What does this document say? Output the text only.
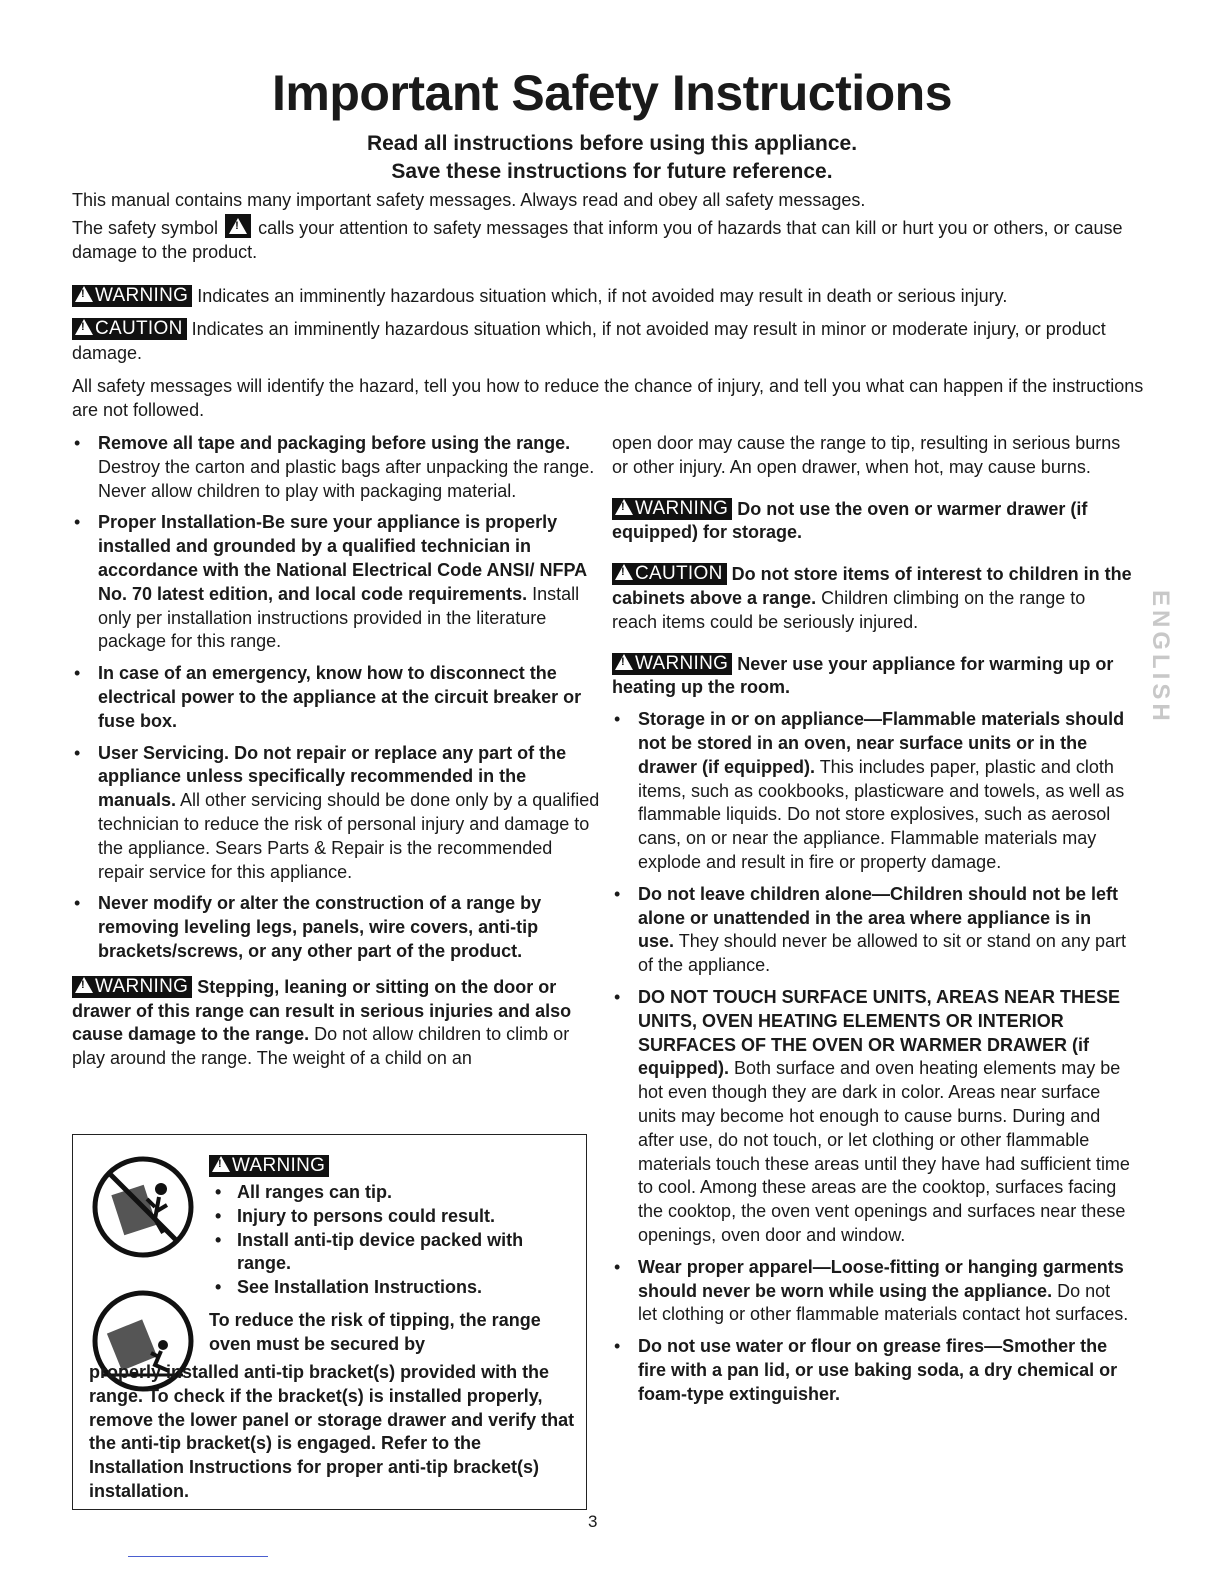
Important Safety Instructions
Read all instructions before using this appliance.
Save these instructions for future reference.
This manual contains many important safety messages. Always read and obey all safety messages.
The safety symbol
! calls your attention to safety messages that inform you of hazards that can kill or hurt you or others, or cause damage to the product.
!WARNING Indicates an imminently hazardous situation which, if not avoided may result in death or serious injury.
!CAUTION Indicates an imminently hazardous situation which, if not avoided may result in minor or moderate injury, or product damage.
All safety messages will identify the hazard, tell you how to reduce the chance of injury, and tell you what can happen if the instructions are not followed.
• Remove all tape and packaging before using the range. Destroy the carton and plastic bags after unpacking the range. Never allow children to play with packaging material.
• Proper Installation-Be sure your appliance is properly installed and grounded by a qualified technician in accordance with the National Electrical Code ANSI/ NFPA No. 70 latest edition, and local code requirements. Install only per installation instructions provided in the literature package for this range.
• In case of an emergency, know how to disconnect the electrical power to the appliance at the circuit breaker or fuse box.
• User Servicing. Do not repair or replace any part of the appliance unless specifically recommended in the manuals. All other servicing should be done only by a qualified technician to reduce the risk of personal injury and damage to the appliance. Sears Parts & Repair is the recommended repair service for this appliance.
• Never modify or alter the construction of a range by removing leveling legs, panels, wire covers, anti-tip brackets/screws, or any other part of the product.
!WARNING Stepping, leaning or sitting on the door or drawer of this range can result in serious injuries and also cause damage to the range. Do not allow children to climb or play around the range. The weight of a child on an
!WARNING
• All ranges can tip.
• Injury to persons could result.
• Install anti-tip device packed with range.
• See Installation Instructions.
To reduce the risk of tipping, the range oven must be secured by
properly installed anti-tip bracket(s) provided with the range. To check if the bracket(s) is installed properly, remove the lower panel or storage drawer and verify that the anti-tip bracket(s) is engaged. Refer to the Installation Instructions for proper anti-tip bracket(s) installation.
open door may cause the range to tip, resulting in serious burns or other injury. An open drawer, when hot, may cause burns.
!WARNING Do not use the oven or warmer drawer (if equipped) for storage.
!CAUTION Do not store items of interest to children in the cabinets above a range. Children climbing on the range to reach items could be seriously injured.
!WARNING Never use your appliance for warming up or heating up the room.
• Storage in or on appliance—Flammable materials should not be stored in an oven, near surface units or in the drawer (if equipped). This includes paper, plastic and cloth items, such as cookbooks, plasticware and towels, as well as flammable liquids. Do not store explosives, such as aerosol cans, on or near the appliance. Flammable materials may explode and result in fire or property damage.
• Do not leave children alone—Children should not be left alone or unattended in the area where appliance is in use. They should never be allowed to sit or stand on any part of the appliance.
• DO NOT TOUCH SURFACE UNITS, AREAS NEAR THESE UNITS, OVEN HEATING ELEMENTS OR INTERIOR SURFACES OF THE OVEN OR WARMER DRAWER (if equipped). Both surface and oven heating elements may be hot even though they are dark in color. Areas near surface units may become hot enough to cause burns. During and after use, do not touch, or let clothing or other flammable materials touch these areas until they have had sufficient time to cool. Among these areas are the cooktop, surfaces facing the cooktop, the oven vent openings and surfaces near these openings, oven door and window.
• Wear proper apparel—Loose-fitting or hanging garments should never be worn while using the appliance. Do not let clothing or other flammable materials contact hot surfaces.
• Do not use water or flour on grease fires—Smother the fire with a pan lid, or use baking soda, a dry chemical or foam-type extinguisher.
ENGLISH
3
